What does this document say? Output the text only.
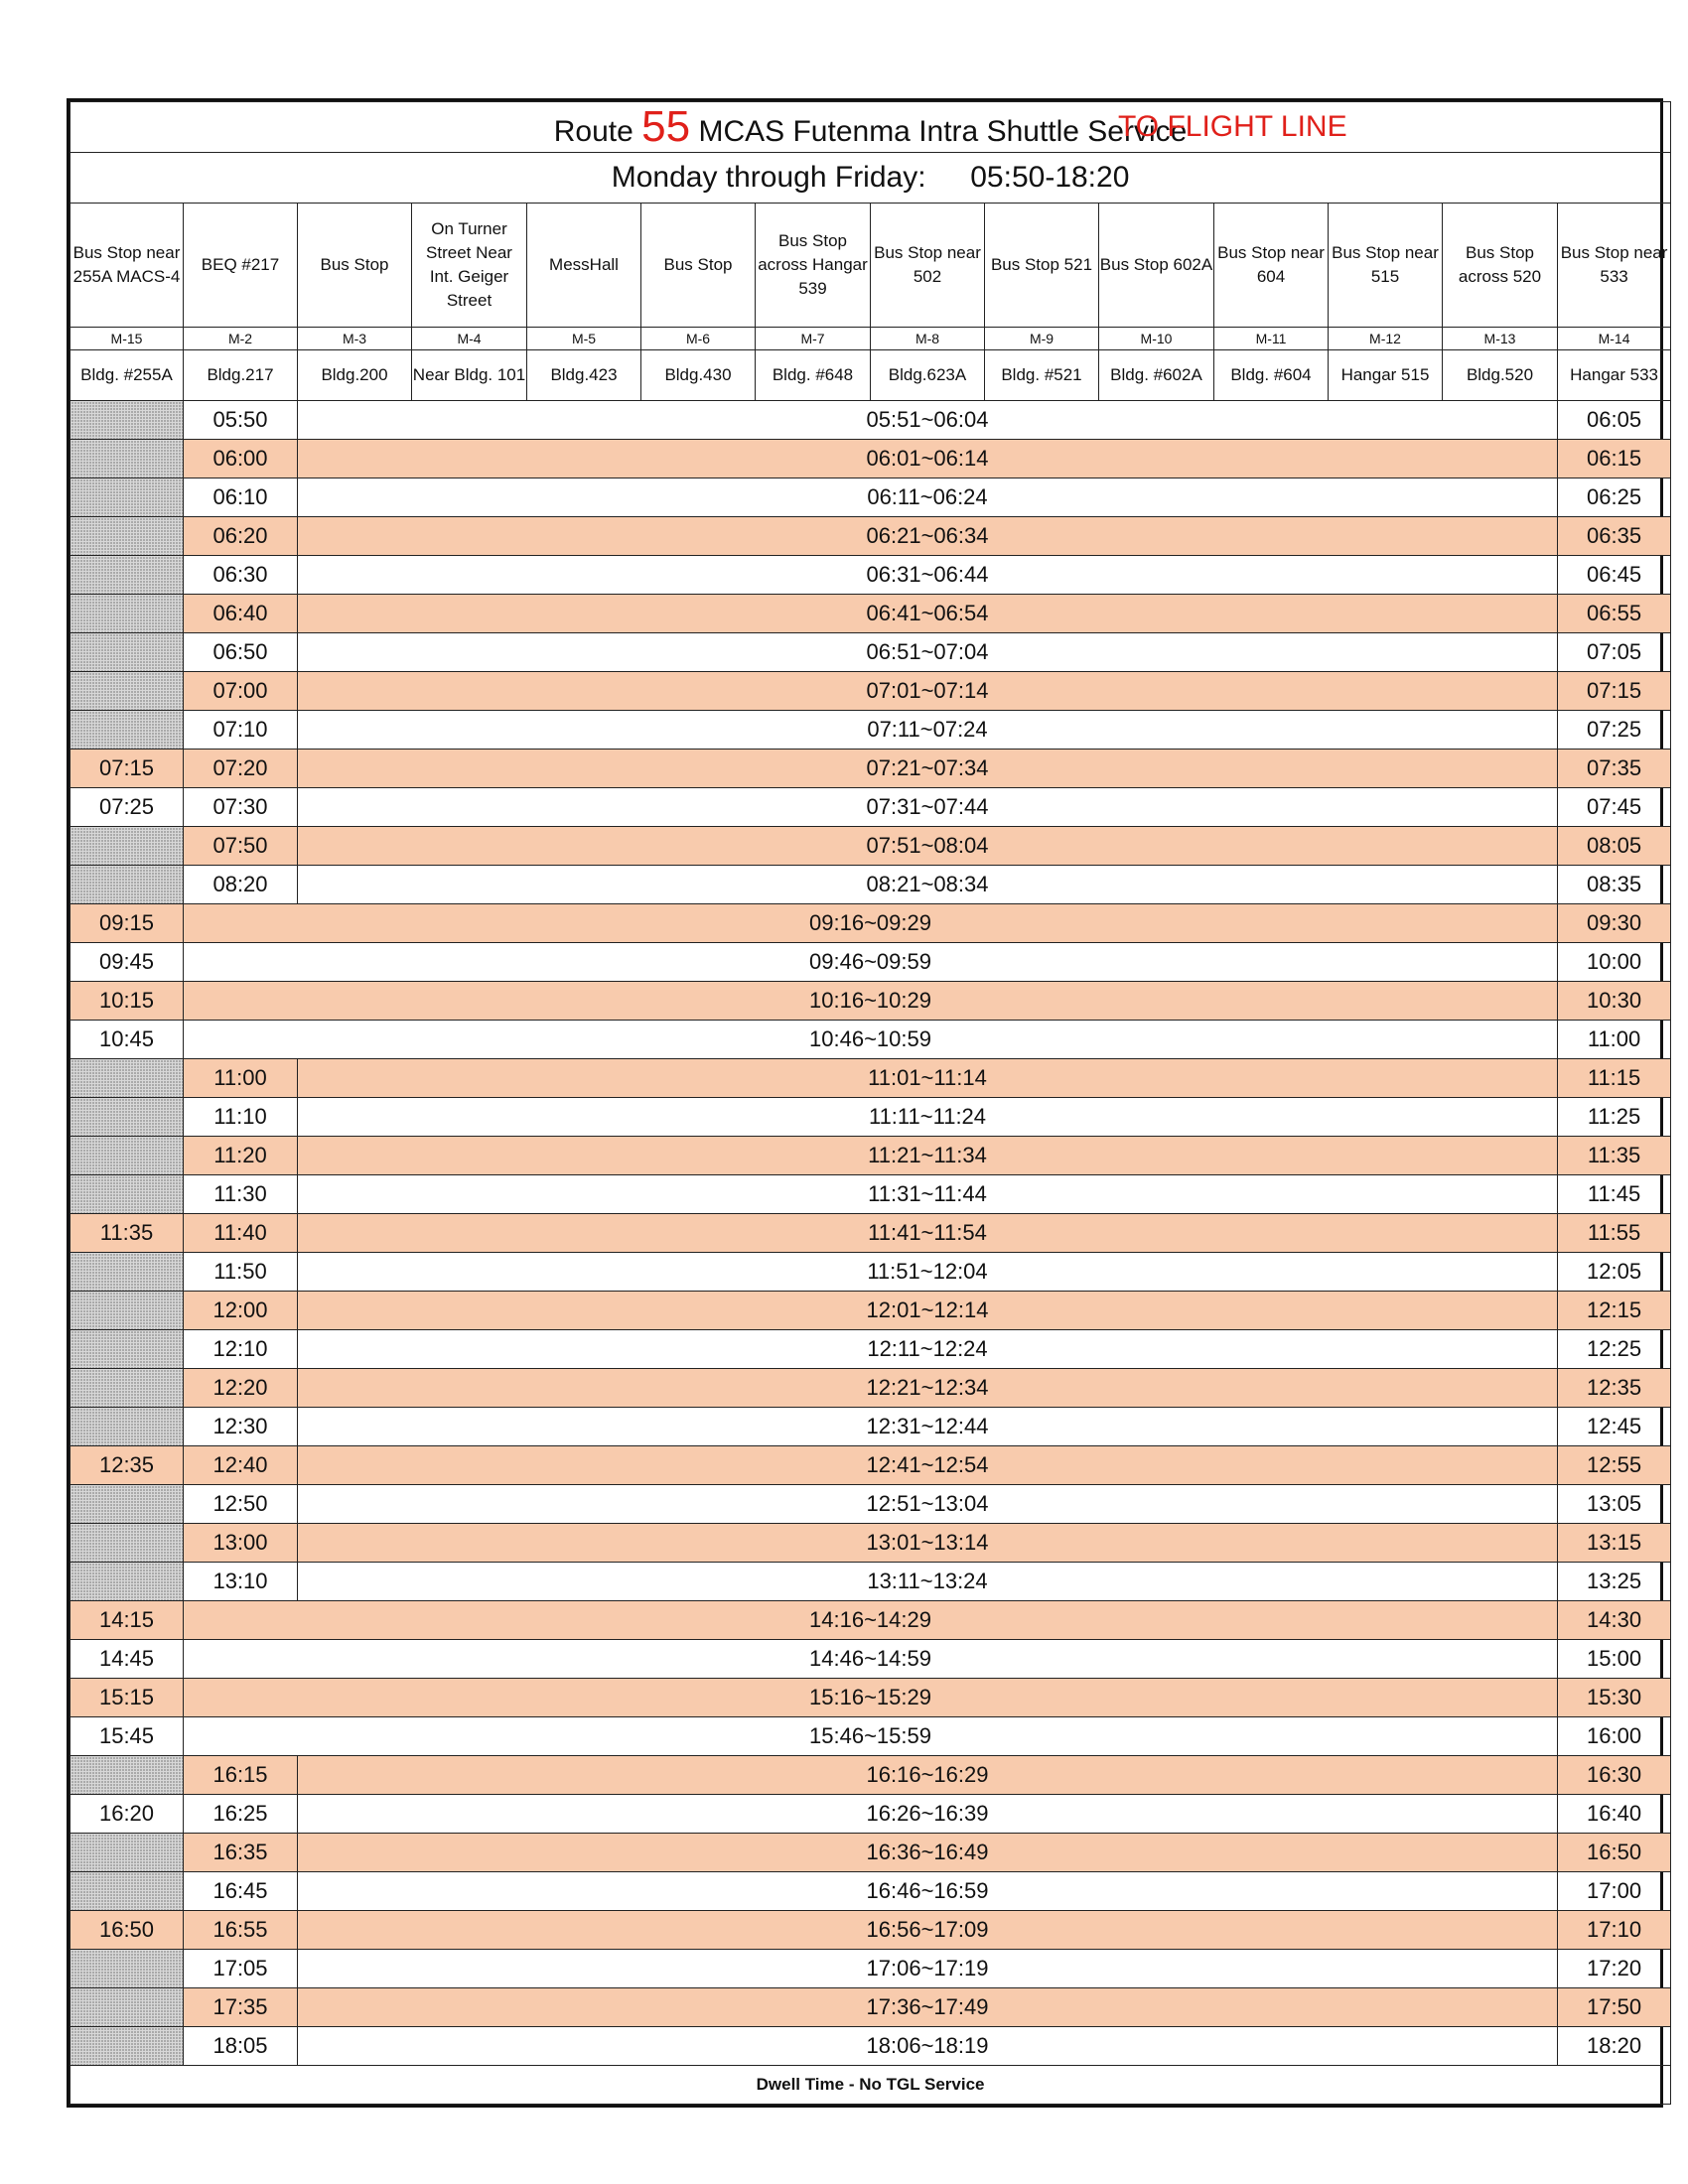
Route 55 MCAS Futenma Intra Shuttle Service
TO FLIGHT LINE													

Monday through Friday: 05:50-18:20													
Bus Stop near 255A MACS-4	BEQ #217	Bus Stop	On Turner Street Near Int. Geiger Street	MessHall	Bus Stop	Bus Stop across Hangar 539	Bus Stop near 502	Bus Stop 521	Bus Stop 602A	Bus Stop near 604	Bus Stop near 515	Bus Stop across 520	Bus Stop near 533
M-15	M-2	M-3	M-4	M-5	M-6	M-7	M-8	M-9	M-10	M-11	M-12	M-13	M-14
Bldg. #255A	Bldg.217	Bldg.200	Near Bldg. 101	Bldg.423	Bldg.430	Bldg. #648	Bldg.623A	Bldg. #521	Bldg. #602A	Bldg. #604	Hangar 515	Bldg.520	Hangar 533
	05:50	05:51~06:04											06:05
	06:00	06:01~06:14											06:15
	06:10	06:11~06:24											06:25
	06:20	06:21~06:34											06:35
	06:30	06:31~06:44											06:45
	06:40	06:41~06:54											06:55
	06:50	06:51~07:04											07:05
	07:00	07:01~07:14											07:15
	07:10	07:11~07:24											07:25
07:15	07:20	07:21~07:34											07:35
07:25	07:30	07:31~07:44											07:45
	07:50	07:51~08:04											08:05
	08:20	08:21~08:34											08:35
09:15	09:16~09:29												09:30
09:45	09:46~09:59												10:00
10:15	10:16~10:29												10:30
10:45	10:46~10:59												11:00
	11:00	11:01~11:14											11:15
	11:10	11:11~11:24											11:25
	11:20	11:21~11:34											11:35
	11:30	11:31~11:44											11:45
11:35	11:40	11:41~11:54											11:55
	11:50	11:51~12:04											12:05
	12:00	12:01~12:14											12:15
	12:10	12:11~12:24											12:25
	12:20	12:21~12:34											12:35
	12:30	12:31~12:44											12:45
12:35	12:40	12:41~12:54											12:55
	12:50	12:51~13:04											13:05
	13:00	13:01~13:14											13:15
	13:10	13:11~13:24											13:25
14:15	14:16~14:29												14:30
14:45	14:46~14:59												15:00
15:15	15:16~15:29												15:30
15:45	15:46~15:59												16:00
	16:15	16:16~16:29											16:30
16:20	16:25	16:26~16:39											16:40
	16:35	16:36~16:49											16:50
	16:45	16:46~16:59											17:00
16:50	16:55	16:56~17:09											17:10
	17:05	17:06~17:19											17:20
	17:35	17:36~17:49											17:50
	18:05	18:06~18:19											18:20
Dwell Time - No TGL Service													
